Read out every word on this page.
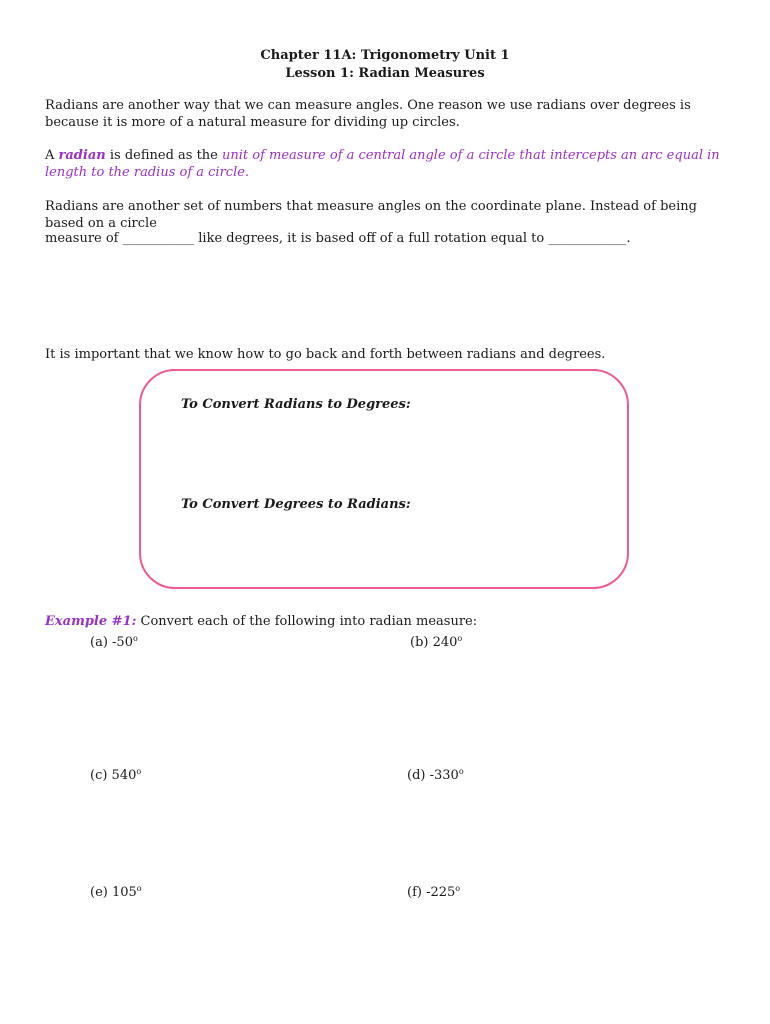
Chapter 11A: Trigonometry Unit 1
Lesson 1: Radian Measures
Radians are another way that we can measure angles. One reason we use radians over degrees is because it is more of a natural measure for dividing up circles.
A radian is defined as the unit of measure of a central angle of a circle that intercepts an arc equal in length to the radius of a circle.
Radians are another set of numbers that measure angles on the coordinate plane. Instead of being based on a circle
measure of ___________ like degrees, it is based off of a full rotation equal to ____________.
It is important that we know how to go back and forth between radians and degrees.
To Convert Radians to Degrees:
To Convert Degrees to Radians:
Example #1: Convert each of the following into radian measure:
(a) -50$^o$	(b) 240$^o$
(c) 540$^o$	(d) -330$^o$
(e) 105$^o$	(f) -225$^o$
